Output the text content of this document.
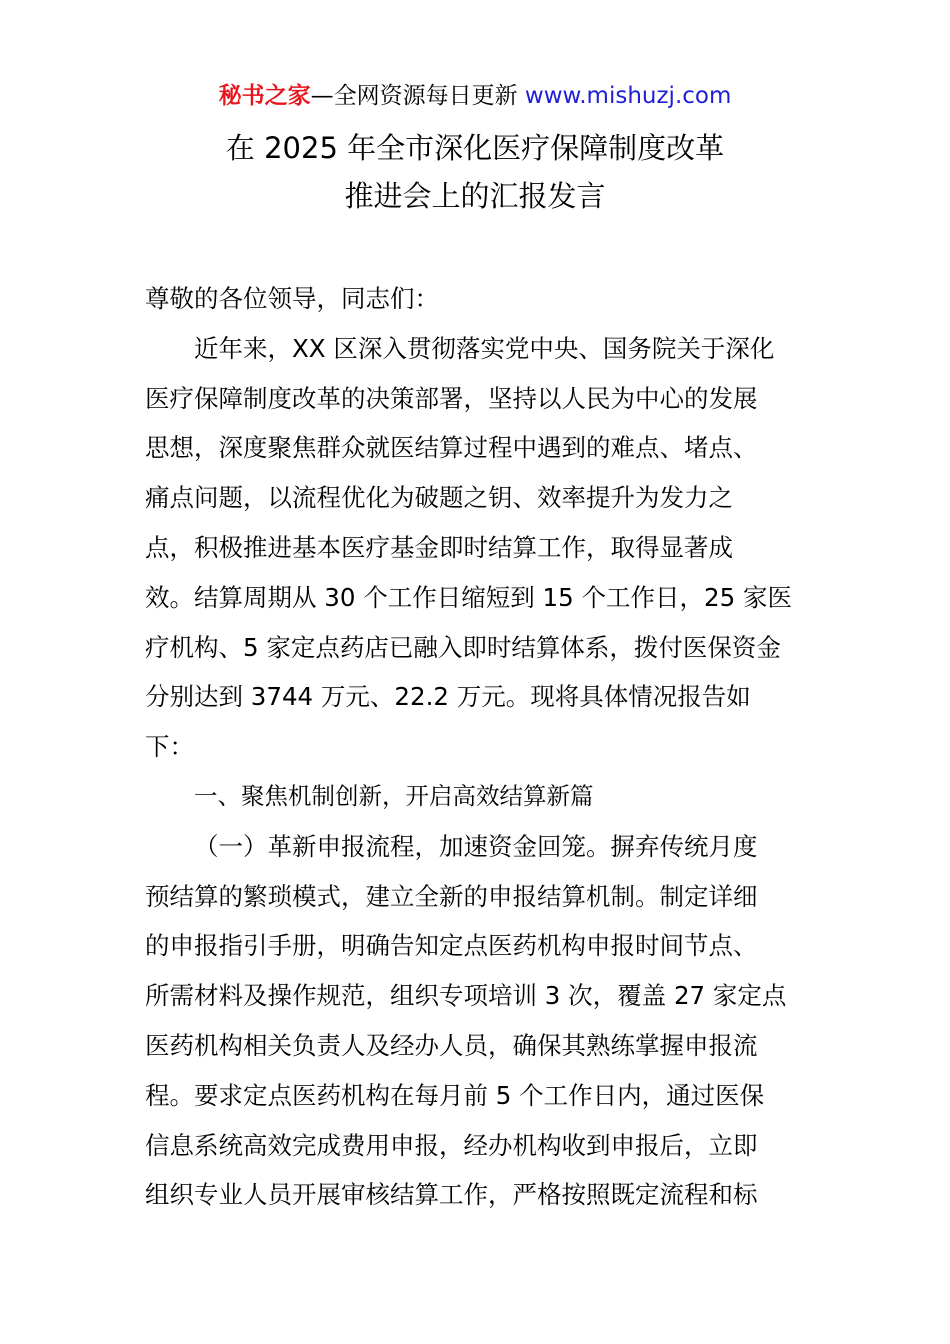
秘书之家—全网资源每日更新 www.mishuzj.com
在 2025 年全市深化医疗保障制度改革
推进会上的汇报发言
尊敬的各位领导，同志们：
近年来，XX 区深入贯彻落实党中央、国务院关于深化
医疗保障制度改革的决策部署，坚持以人民为中心的发展
思想，深度聚焦群众就医结算过程中遇到的难点、堵点、
痛点问题，以流程优化为破题之钥、效率提升为发力之
点，积极推进基本医疗基金即时结算工作，取得显著成
效。结算周期从 30 个工作日缩短到 15 个工作日，25 家医
疗机构、5 家定点药店已融入即时结算体系，拨付医保资金
分别达到 3744 万元、22.2 万元。现将具体情况报告如
下：
一、聚焦机制创新，开启高效结算新篇
（一）革新申报流程，加速资金回笼。摒弃传统月度
预结算的繁琐模式，建立全新的申报结算机制。制定详细
的申报指引手册，明确告知定点医药机构申报时间节点、
所需材料及操作规范，组织专项培训 3 次，覆盖 27 家定点
医药机构相关负责人及经办人员，确保其熟练掌握申报流
程。要求定点医药机构在每月前 5 个工作日内，通过医保
信息系统高效完成费用申报，经办机构收到申报后，立即
组织专业人员开展审核结算工作，严格按照既定流程和标
